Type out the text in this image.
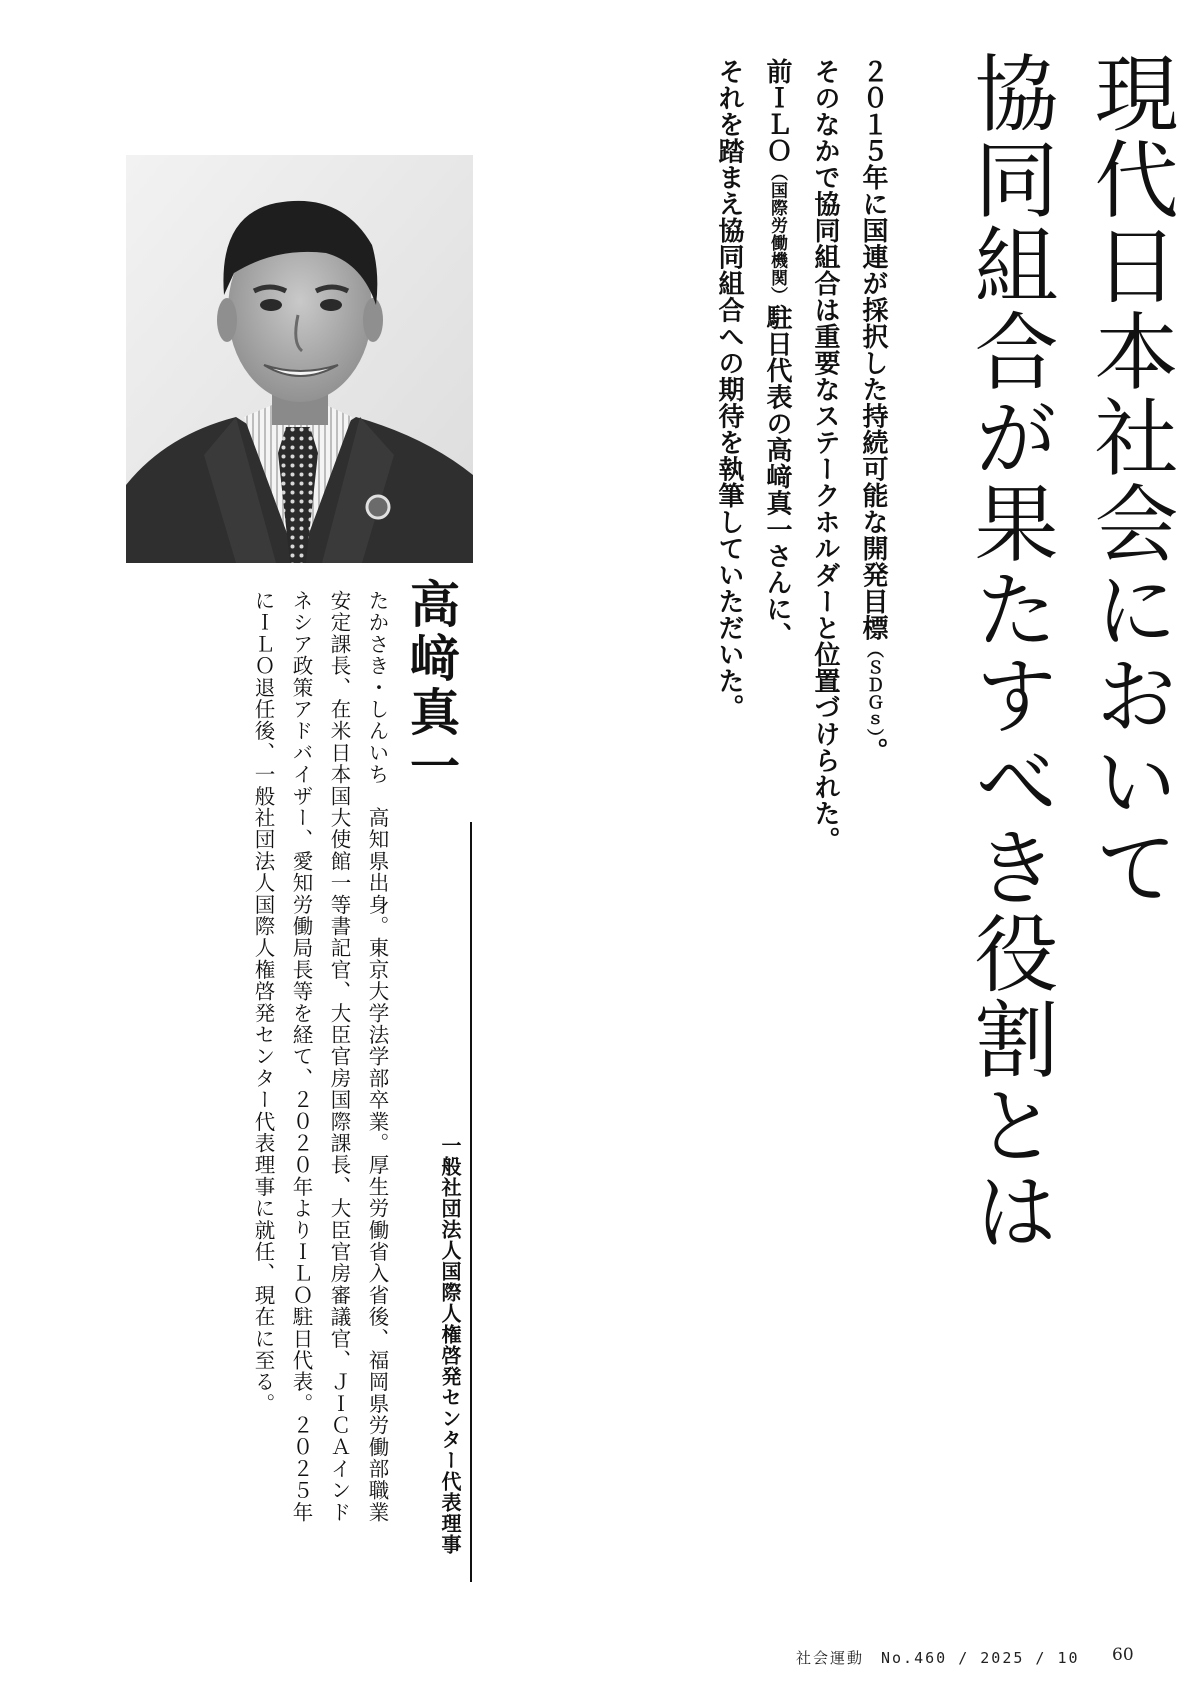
現代日本社会において
協同組合が果たすべき役割とは
２０１５年に国連が採択した持続可能な開発目標（ＳＤＧｓ）。
そのなかで協同組合は重要なステークホルダーと位置づけられた。
前ＩＬＯ（国際労働機関）駐日代表の高﨑真一さんに、
それを踏まえ協同組合への期待を執筆していただいた。
高﨑真一
一般社団法人国際人権啓発センター代表理事
たかさき・しんいち　高知県出身。東京大学法学部卒業。厚生労働省入省後、福岡県労働部職業
安定課長、在米日本国大使館一等書記官、大臣官房国際課長、大臣官房審議官、ＪＩＣＡインド
ネシア政策アドバイザー、愛知労働局長等を経て、２０２０年よりＩＬＯ駐日代表。２０２５年
にＩＬＯ退任後、一般社団法人国際人権啓発センター代表理事に就任、現在に至る。
社会運動　No.460 / 2025 / 10 60
